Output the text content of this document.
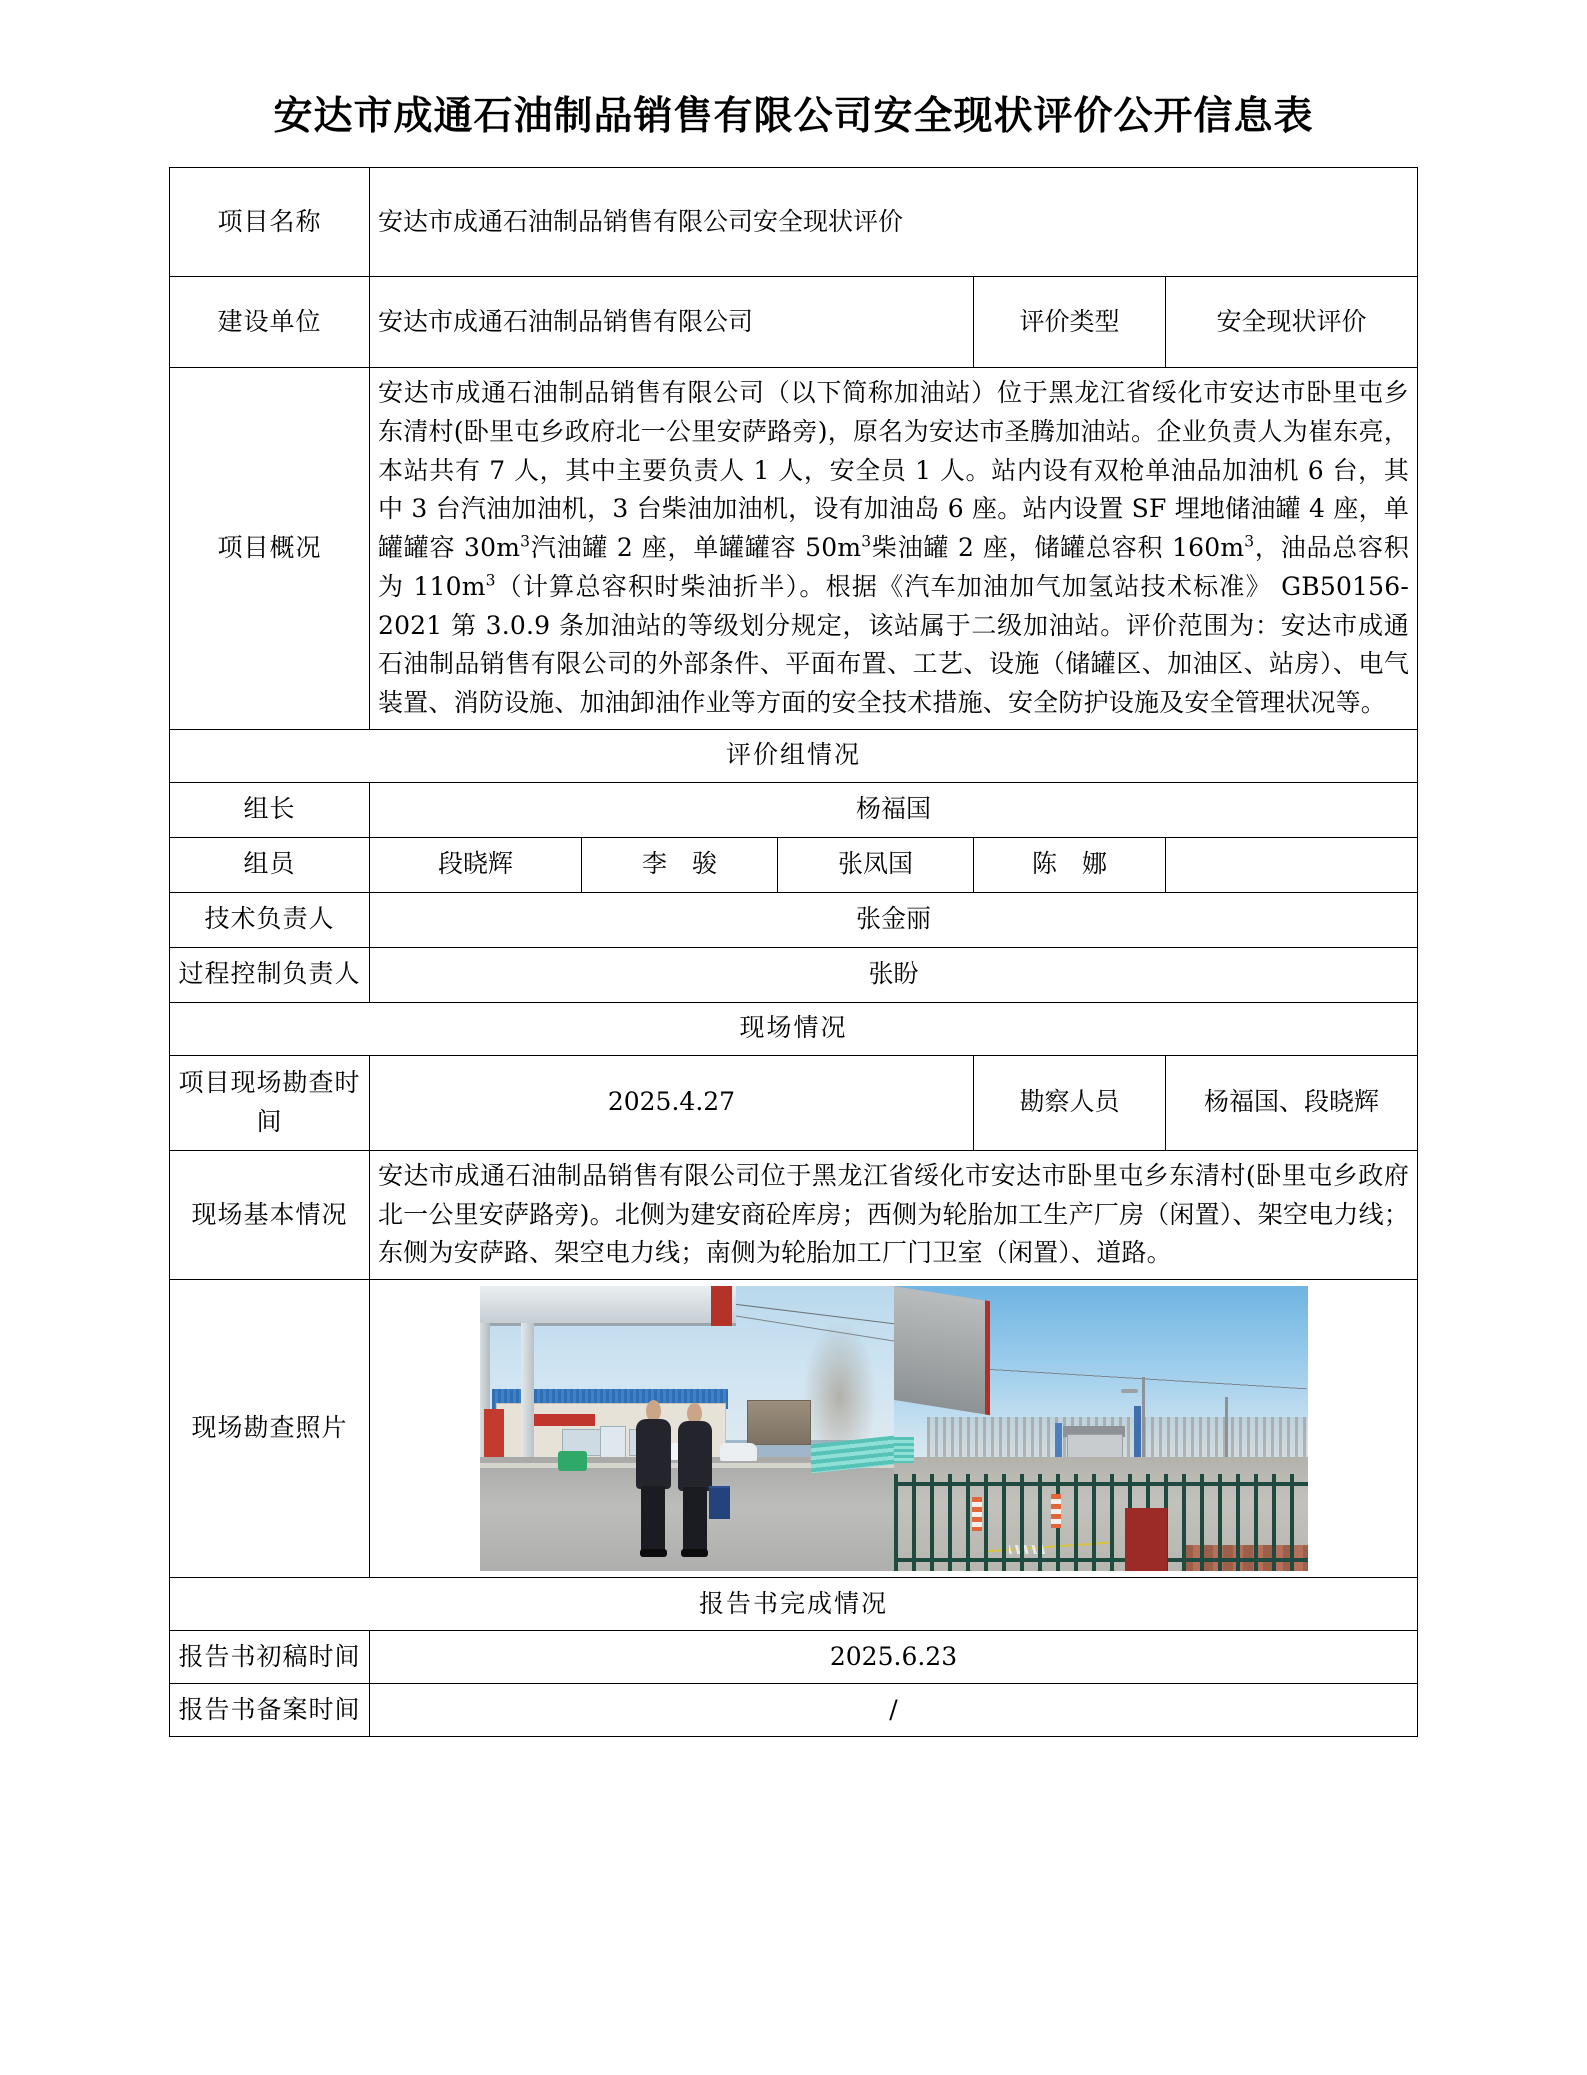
安达市成通石油制品销售有限公司安全现状评价公开信息表
项目名称	安达市成通石油制品销售有限公司安全现状评价				
建设单位	安达市成通石油制品销售有限公司			评价类型	安全现状评价
项目概况	安达市成通石油制品销售有限公司（以下简称加油站）位于黑龙江省绥化市安达市卧里屯乡东清村(卧里屯乡政府北一公里安萨路旁)，原名为安达市圣腾加油站。企业负责人为崔东亮，本站共有 7 人，其中主要负责人 1 人，安全员 1 人。站内设有双枪单油品加油机 6 台，其中 3 台汽油加油机，3 台柴油加油机，设有加油岛 6 座。站内设置 SF 埋地储油罐 4 座，单罐罐容 $30m^3$汽油罐 2 座，单罐罐容 $50m^3$柴油罐 2 座，储罐总容积 $160m^3$，油品总容积为 $110m^3$（计算总容积时柴油折半）。根据《汽车加油加气加氢站技术标准》 GB50156-2021 第 3.0.9 条加油站的等级划分规定，该站属于二级加油站。评价范围为：安达市成通石油制品销售有限公司的外部条件、平面布置、工艺、设施（储罐区、加油区、站房）、电气装置、消防设施、加油卸油作业等方面的安全技术措施、安全防护设施及安全管理状况等。				
评价组情况					
组长	杨福国				
组员	段晓辉	李　骏	张凤国	陈　娜	
技术负责人	张金丽				
过程控制负责人	张盼				
现场情况					
项目现场勘查时间	2025.4.27			勘察人员	杨福国、段晓辉
现场基本情况	安达市成通石油制品销售有限公司位于黑龙江省绥化市安达市卧里屯乡东清村(卧里屯乡政府北一公里安萨路旁)。北侧为建安商砼库房；西侧为轮胎加工生产厂房（闲置）、架空电力线；东侧为安萨路、架空电力线；南侧为轮胎加工厂门卫室（闲置）、道路。				
现场勘查照片					

报告书完成情况					
报告书初稿时间	2025.6.23				
报告书备案时间	/				
